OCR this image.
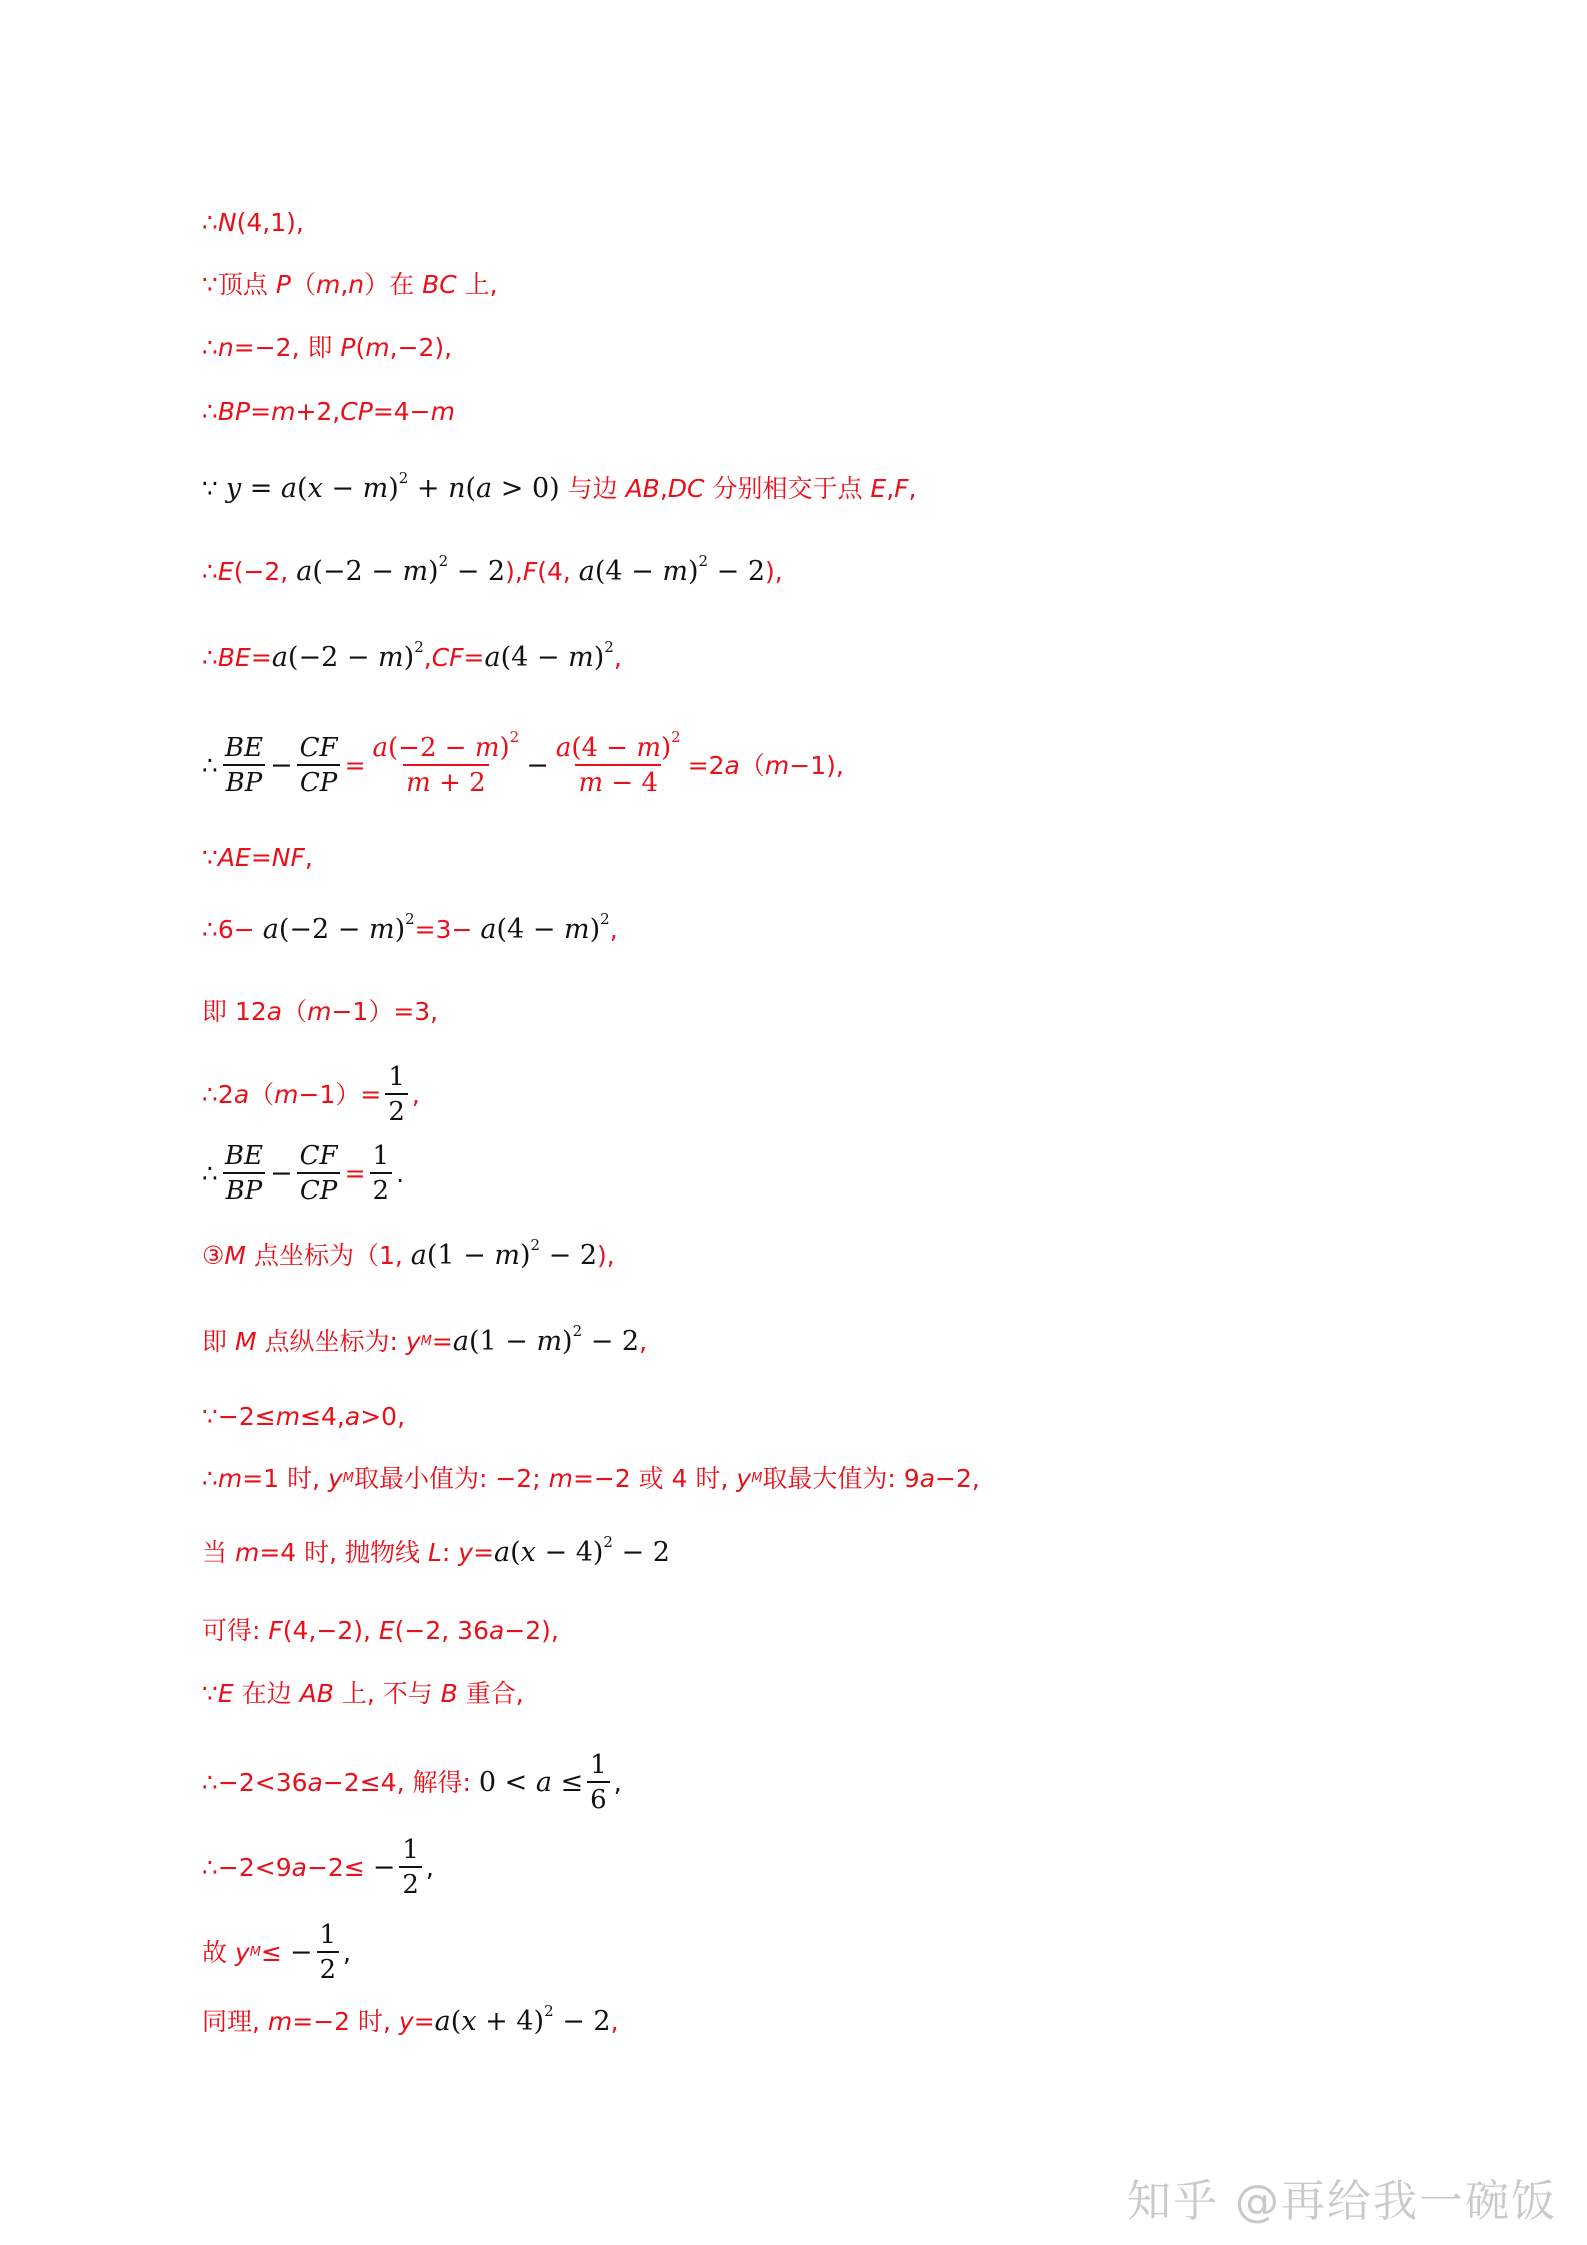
∴ N (4,1),
∵顶点 P （ m , n ）在 BC 上,
∴ n =−2, 即 P ( m ,−2),
∴ BP = m +2, CP =4− m
∵ $y = a(x - m)^2 + n(a > 0)$ 与边 AB , DC 分别相交于点 E , F ,
∴ E (−2, $a(-2 - m)^2 - 2$ ), F (4, $a(4 - m)^2 - 2$ ),
∴ BE = $a(-2 - m)^2$ , CF = $a(4 - m)^2$ ,
∴ $\frac{BE}{BP} - \frac{CF}{CP} = \frac{a(-2 - m)^2}{m + 2} - \frac{a(4 - m)^2}{m - 4} =2$ a （ m −1),
∵ AE = NF ,
∴6− $a(-2 - m)^2 =3- a(4 - m)^2$ ,
即 12 a （ m −1）=3,
∴2 a （ $m -1)= \frac{1}{2}$ ,
∴ $\frac{BE}{BP} - \frac{CF}{CP} = \frac{1}{2}$ .
③ M 点坐标为（1, $a(1 - m)^2 - 2$ ),
即 M 点纵坐标为: y $M = a(1 - m)^2 - 2$ ,
∵−2≤ m ≤4, a >0,
∴ m =1 时, y M 取最小值为: −2; m =−2 或 4 时, y M 取最大值为: 9 a −2,
当 m =4 时, 抛物线 L : $y = a(x - 4)^2 - 2$
可得: F (4,−2), E (−2, 36 a −2),
∵ E 在边 AB 上, 不与 B 重合,
∴−2<36 a −2≤4, 解得: $0 < a \le \frac{1}{6}$ ,
∴−2<9 $a -2\le - \frac{1}{2}$ ,
故 y M ≤ − $\frac{1}{2}$ ,
同理, m =−2 时, $y = a(x + 4)^2 - 2$ ,
知乎 @再给我一碗饭
